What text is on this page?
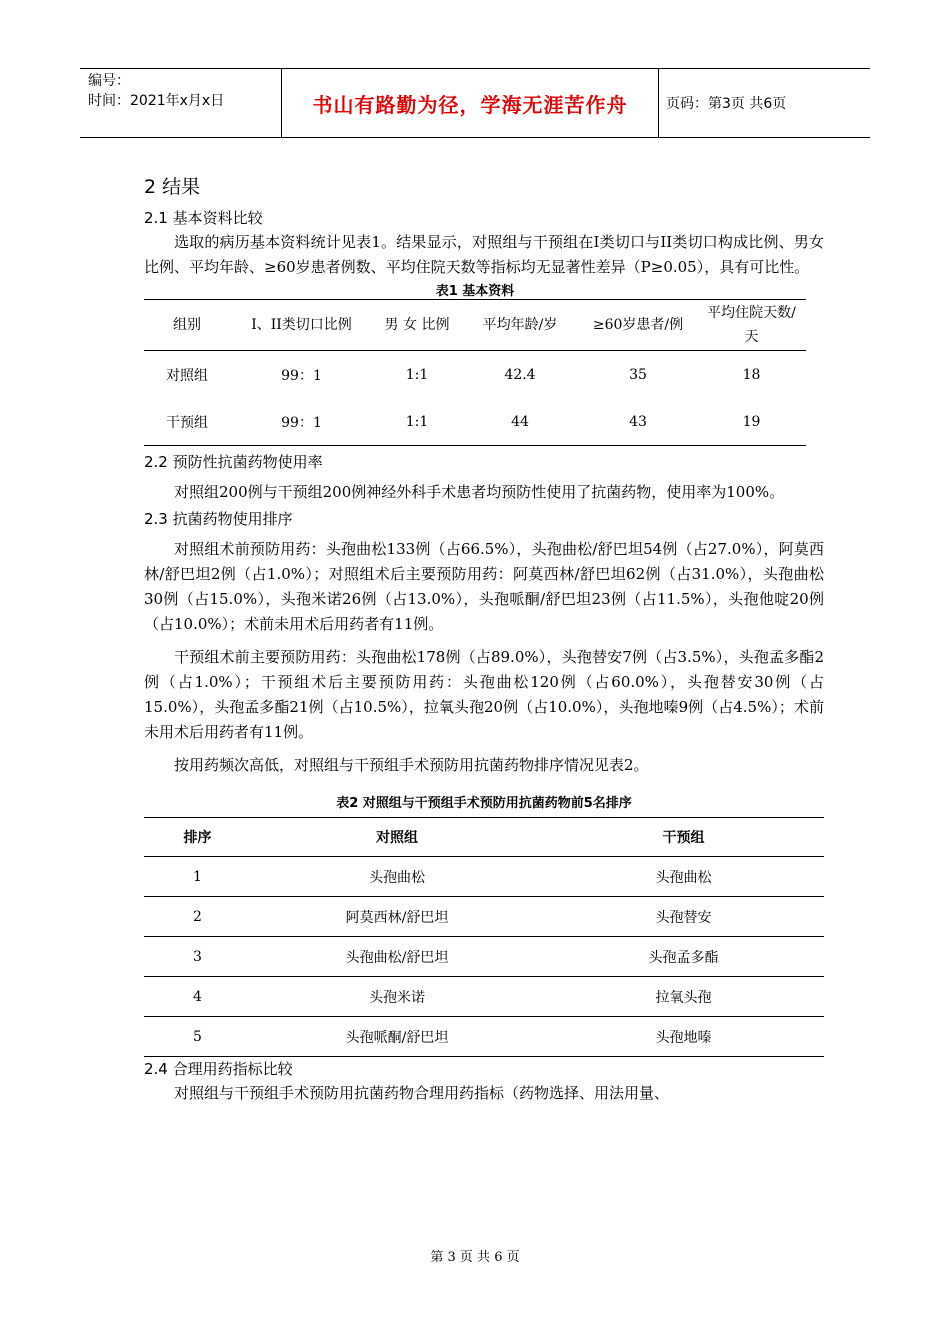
编号：
时间：2021年x月x日	书山有路勤为径，学海无涯苦作舟	页码：第3页 共6页
2 结果
2.1 基本资料比较

选取的病历基本资料统计见表1。结果显示，对照组与干预组在I类切口与II类切口构成比例、男女比例、平均年龄、≥60岁患者例数、平均住院天数等指标均无显著性差异（P≥0.05），具有可比性。

表1 基本资料

组别	I、II类切口比例	男 女 比例	平均年龄/岁	≥60岁患者/例	平均住院天数/天
对照组	99：1	1:1	42.4	35	18
干预组	99：1	1:1	44	43	19
2.2 预防性抗菌药物使用率

对照组200例与干预组200例神经外科手术患者均预防性使用了抗菌药物，使用率为100%。

2.3 抗菌药物使用排序

对照组术前预防用药：头孢曲松133例（占66.5%），头孢曲松/舒巴坦54例（占27.0%），阿莫西林/舒巴坦2例（占1.0%）；对照组术后主要预防用药：阿莫西林/舒巴坦62例（占31.0%），头孢曲松30例（占15.0%），头孢米诺26例（占13.0%），头孢哌酮/舒巴坦23例（占11.5%），头孢他啶20例（占10.0%）；术前未用术后用药者有11例。

干预组术前主要预防用药：头孢曲松178例（占89.0%），头孢替安7例（占3.5%），头孢孟多酯2例（占1.0%）；干预组术后主要预防用药：头孢曲松120例（占60.0%），头孢替安30例（占15.0%），头孢孟多酯21例（占10.5%），拉氧头孢20例（占10.0%），头孢地嗪9例（占4.5%）；术前未用术后用药者有11例。

按用药频次高低，对照组与干预组手术预防用抗菌药物排序情况见表2。

表2 对照组与干预组手术预防用抗菌药物前5名排序

排序	对照组	干预组
1	头孢曲松	头孢曲松
2	阿莫西林/舒巴坦	头孢替安
3	头孢曲松/舒巴坦	头孢孟多酯
4	头孢米诺	拉氧头孢
5	头孢哌酮/舒巴坦	头孢地嗪
2.4 合理用药指标比较

对照组与干预组手术预防用抗菌药物合理用药指标（药物选择、用法用量、

第 3 页 共 6 页
